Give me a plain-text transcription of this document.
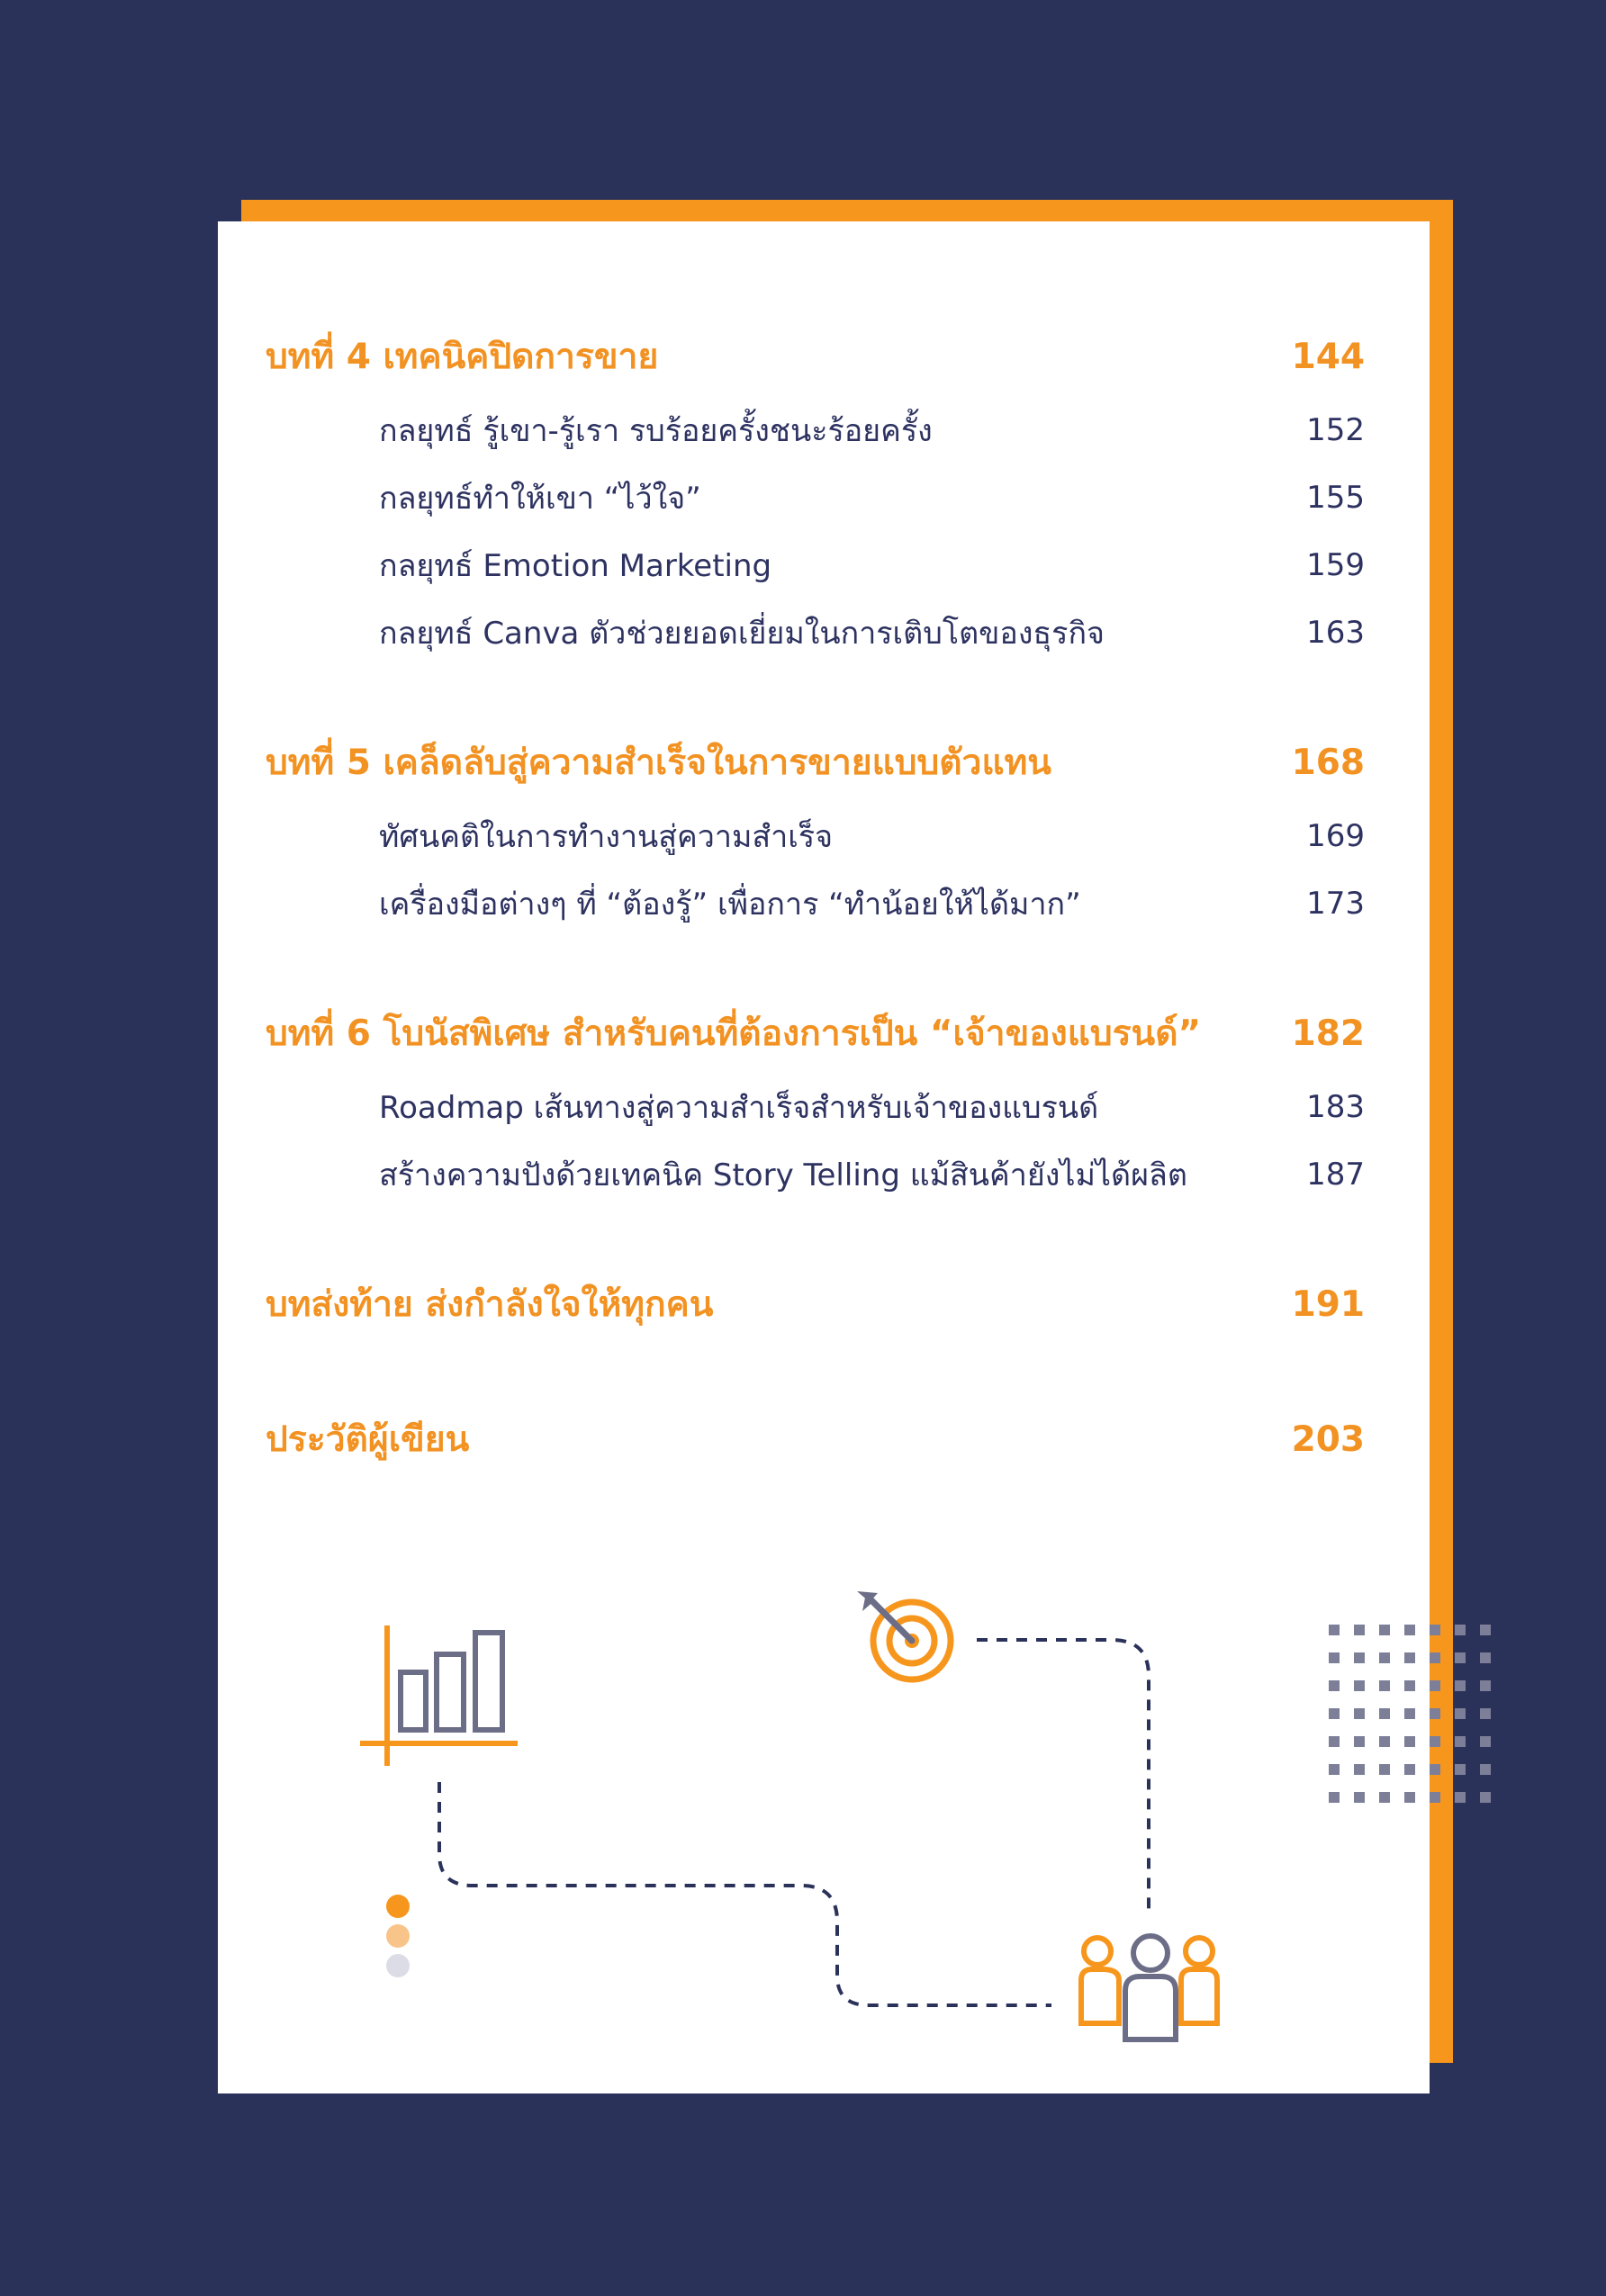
บทที่ 4 เทคนิคปิดการขาย	144
กลยุทธ์ รู้เขา-รู้เรา รบร้อยครั้งชนะร้อยครั้ง	152
กลยุทธ์ทำให้เขา “ไว้ใจ”	155
กลยุทธ์ Emotion Marketing	159
กลยุทธ์ Canva ตัวช่วยยอดเยี่ยมในการเติบโตของธุรกิจ	163
บทที่ 5 เคล็ดลับสู่ความสำเร็จในการขายแบบตัวแทน	168
ทัศนคติในการทำงานสู่ความสำเร็จ	169
เครื่องมือต่างๆ ที่ “ต้องรู้” เพื่อการ “ทำน้อยให้ได้มาก”	173
บทที่ 6 โบนัสพิเศษ สำหรับคนที่ต้องการเป็น “เจ้าของแบรนด์”	182
Roadmap เส้นทางสู่ความสำเร็จสำหรับเจ้าของแบรนด์	183
สร้างความปังด้วยเทคนิค Story Telling แม้สินค้ายังไม่ได้ผลิต	187
บทส่งท้าย ส่งกำลังใจให้ทุกคน	191
ประวัติผู้เขียน	203
